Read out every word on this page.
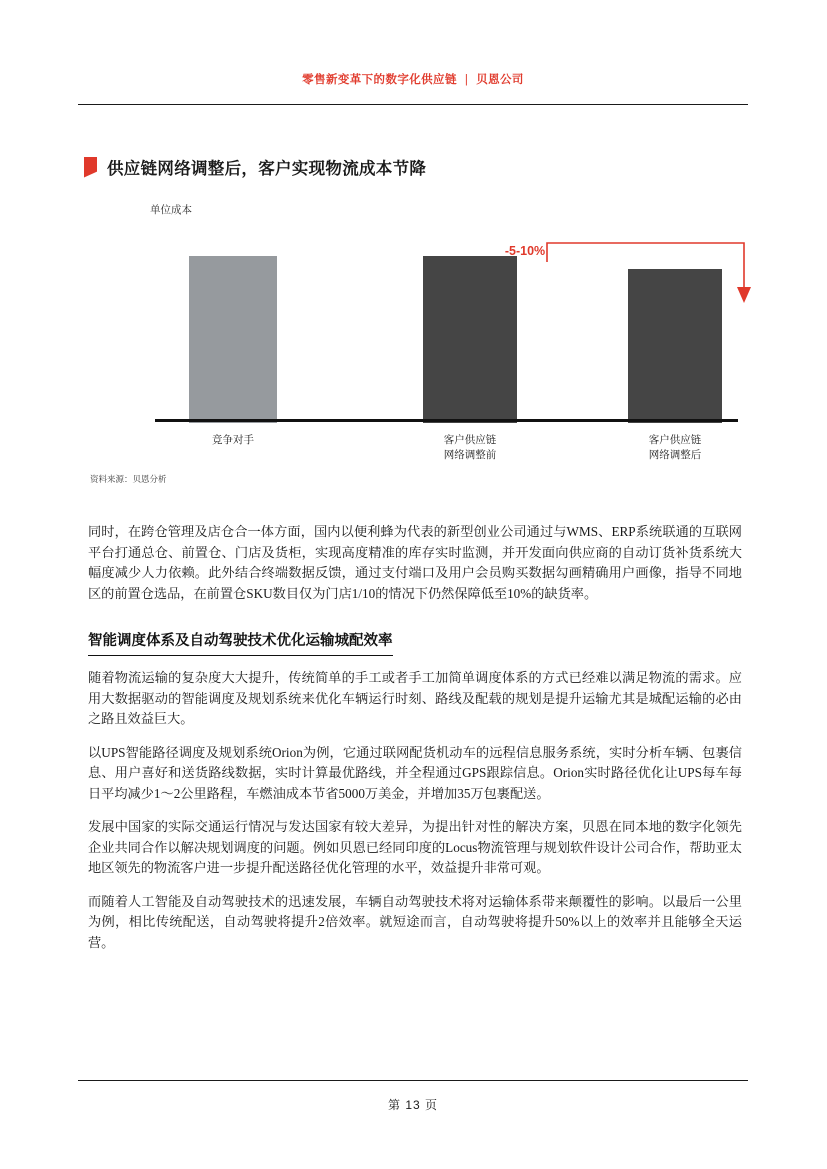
零售新变革下的数字化供应链 | 贝恩公司
供应链网络调整后，客户实现物流成本节降
单位成本
-5-10%
竞争对手	客户供应链
网络调整前
客户供应链
网络调整后
资料来源：贝恩分析

同时，在跨仓管理及店仓合一体方面，国内以便利蜂为代表的新型创业公司通过与WMS、ERP系统联通的互联网平台打通总仓、前置仓、门店及货柜，实现高度精准的库存实时监测，并开发面向供应商的自动订货补货系统大幅度减少人力依赖。此外结合终端数据反馈，通过支付端口及用户会员购买数据勾画精确用户画像，指导不同地区的前置仓选品，在前置仓SKU数目仅为门店1/10的情况下仍然保障低至10%的缺货率。

智能调度体系及自动驾驶技术优化运输城配效率

随着物流运输的复杂度大大提升，传统简单的手工或者手工加简单调度体系的方式已经难以满足物流的需求。应用大数据驱动的智能调度及规划系统来优化车辆运行时刻、路线及配载的规划是提升运输尤其是城配运输的必由之路且效益巨大。

以UPS智能路径调度及规划系统Orion为例，它通过联网配货机动车的远程信息服务系统，实时分析车辆、包裹信息、用户喜好和送货路线数据，实时计算最优路线，并全程通过GPS跟踪信息。Orion实时路径优化让UPS每车每日平均减少1～2公里路程，车燃油成本节省5000万美金，并增加35万包裹配送。

发展中国家的实际交通运行情况与发达国家有较大差异，为提出针对性的解决方案，贝恩在同本地的数字化领先企业共同合作以解决规划调度的问题。例如贝恩已经同印度的Locus物流管理与规划软件设计公司合作，帮助亚太地区领先的物流客户进一步提升配送路径优化管理的水平，效益提升非常可观。

而随着人工智能及自动驾驶技术的迅速发展，车辆自动驾驶技术将对运输体系带来颠覆性的影响。以最后一公里为例，相比传统配送，自动驾驶将提升2倍效率。就短途而言，自动驾驶将提升50%以上的效率并且能够全天运营。

第 13 页
